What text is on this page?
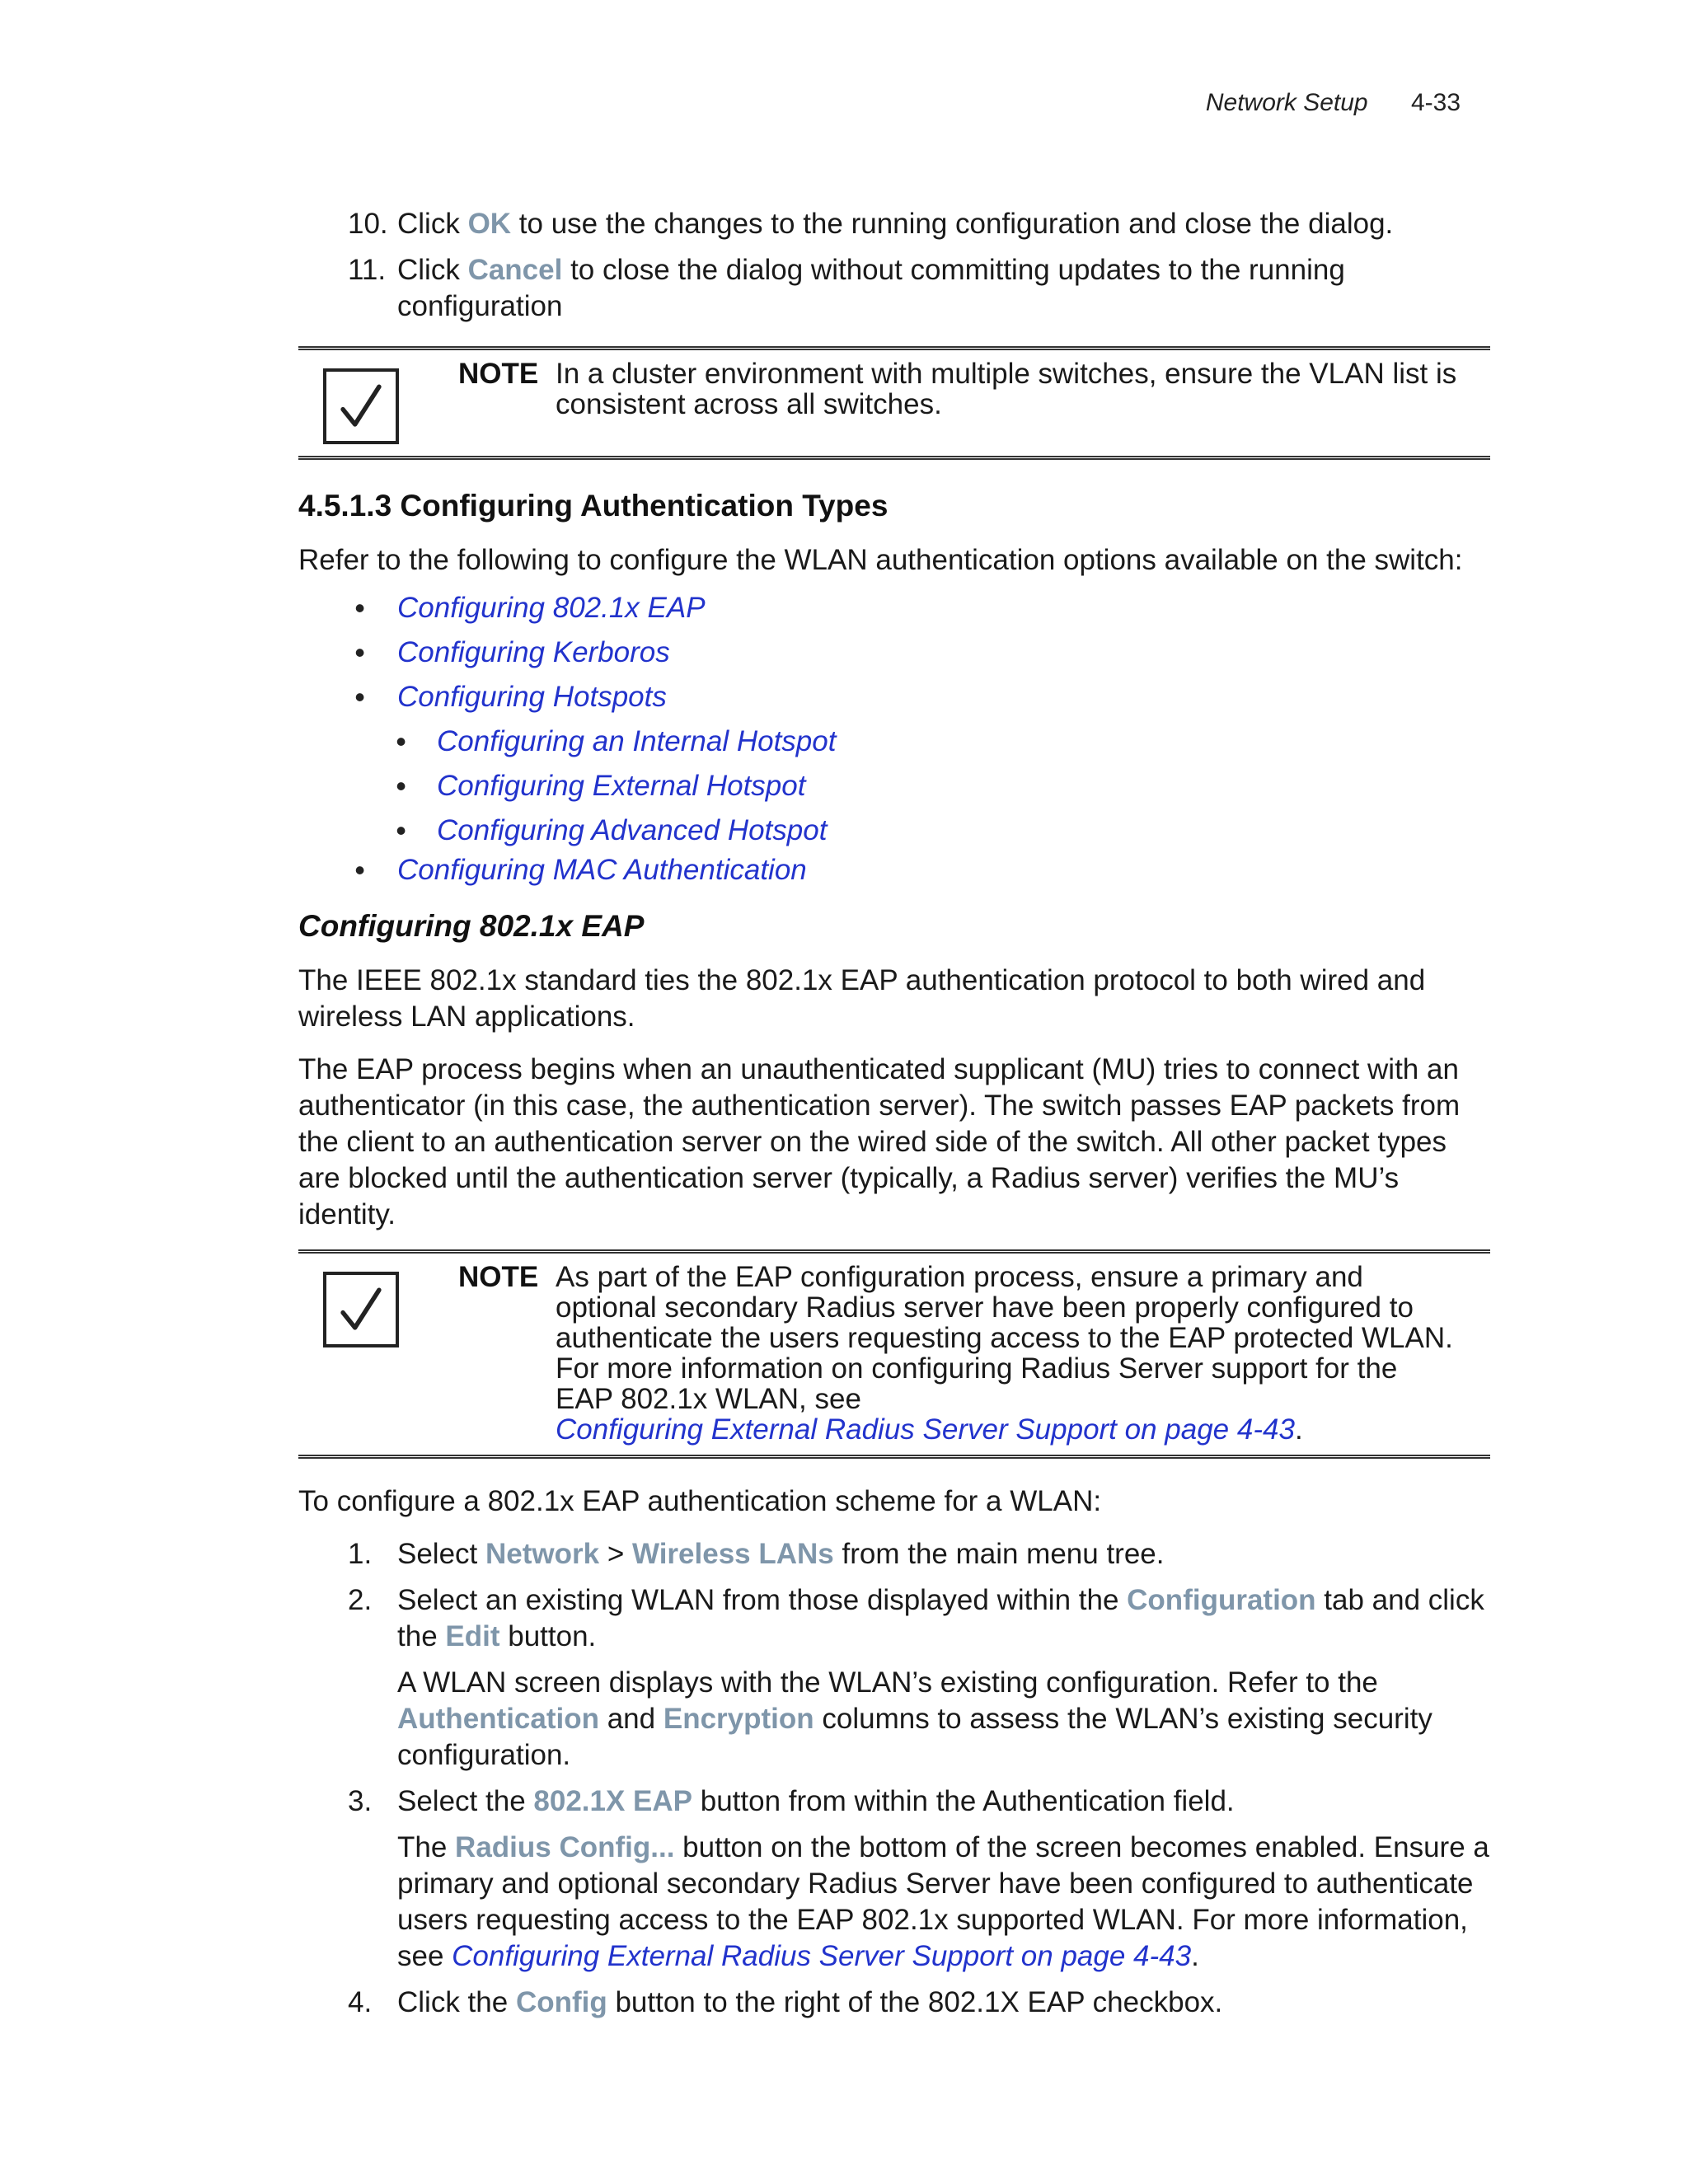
Network Setup 4-33
10. Click OK to use the changes to the running configuration and close the dialog.
11. Click Cancel to close the dialog without committing updates to the running configuration
NOTE In a cluster environment with multiple switches, ensure the VLAN list is consistent across all switches.
4.5.1.3 Configuring Authentication Types

Refer to the following to configure the WLAN authentication options available on the switch:

• Configuring 802.1x EAP
• Configuring Kerboros
• Configuring Hotspots
• Configuring an Internal Hotspot
• Configuring External Hotspot
• Configuring Advanced Hotspot
• Configuring MAC Authentication
Configuring 802.1x EAP

The IEEE 802.1x standard ties the 802.1x EAP authentication protocol to both wired and wireless LAN applications.

The EAP process begins when an unauthenticated supplicant (MU) tries to connect with an authenticator (in this case, the authentication server). The switch passes EAP packets from the client to an authentication server on the wired side of the switch. All other packet types are blocked until the authentication server (typically, a Radius server) verifies the MU’s identity.

NOTE As part of the EAP configuration process, ensure a primary and optional secondary Radius server have been properly configured to authenticate the users requesting access to the EAP protected WLAN. For more information on configuring Radius Server support for the EAP 802.1x WLAN, see
Configuring External Radius Server Support on page 4-43.

To configure a 802.1x EAP authentication scheme for a WLAN:

1. Select Network > Wireless LANs from the main menu tree.
2. Select an existing WLAN from those displayed within the Configuration tab and click the Edit button.
A WLAN screen displays with the WLAN’s existing configuration. Refer to the Authentication and Encryption columns to assess the WLAN’s existing security configuration.
3. Select the 802.1X EAP button from within the Authentication field.
The Radius Config... button on the bottom of the screen becomes enabled. Ensure a primary and optional secondary Radius Server have been configured to authenticate users requesting access to the EAP 802.1x supported WLAN. For more information, see Configuring External Radius Server Support on page 4-43.
4. Click the Config button to the right of the 802.1X EAP checkbox.
